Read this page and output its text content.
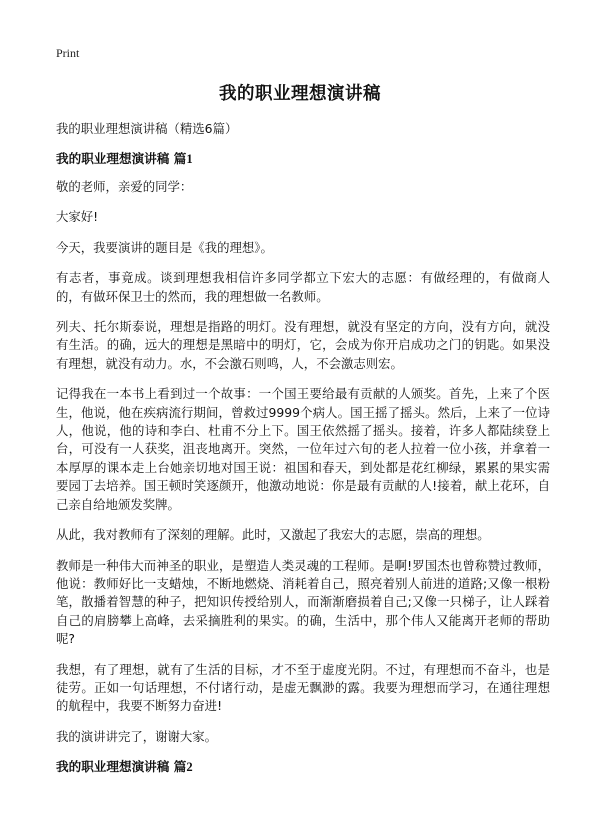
Print
我的职业理想演讲稿

我的职业理想演讲稿（精选6篇）

我的职业理想演讲稿 篇1

敬的老师，亲爱的同学：

大家好!

今天，我要演讲的题目是《我的理想》。

有志者，事竟成。谈到理想我相信许多同学都立下宏大的志愿：有做经理的，有做商人的，有做环保卫士的然而，我的理想做一名教师。

列夫、托尔斯泰说，理想是指路的明灯。没有理想，就没有坚定的方向，没有方向，就没有生活。的确，远大的理想是黑暗中的明灯，它，会成为你开启成功之门的钥匙。如果没有理想，就没有动力。水，不会激石则鸣，人，不会激志则宏。

记得我在一本书上看到过一个故事：一个国王要给最有贡献的人颁奖。首先，上来了个医生，他说，他在疾病流行期间，曾救过9999个病人。国王摇了摇头。然后，上来了一位诗人，他说，他的诗和李白、杜甫不分上下。国王依然摇了摇头。接着，许多人都陆续登上台，可没有一人获奖，沮丧地离开。突然，一位年过六旬的老人拉着一位小孩，并拿着一本厚厚的课本走上台她亲切地对国王说：祖国和春天，到处都是花红柳绿，累累的果实需要园丁去培养。国王顿时笑逐颜开，他激动地说：你是最有贡献的人!接着，献上花环，自己亲自给地颁发奖牌。

从此，我对教师有了深刻的理解。此时，又激起了我宏大的志愿，崇高的理想。

教师是一种伟大而神圣的职业，是塑造人类灵魂的工程师。是啊!罗国杰也曾称赞过教师，他说：教师好比一支蜡烛，不断地燃烧、消耗着自己，照亮着别人前进的道路;又像一根粉笔，散播着智慧的种子，把知识传授给别人，而渐渐磨损着自己;又像一只梯子，让人踩着自己的肩膀攀上高峰，去采摘胜利的果实。的确，生活中，那个伟人又能离开老师的帮助呢?

我想，有了理想，就有了生活的目标，才不至于虚度光阴。不过，有理想而不奋斗，也是徒劳。正如一句话理想，不付诸行动，是虚无飘渺的露。我要为理想而学习，在通往理想的航程中，我要不断努力奋进!

我的演讲讲完了，谢谢大家。

我的职业理想演讲稿 篇2
